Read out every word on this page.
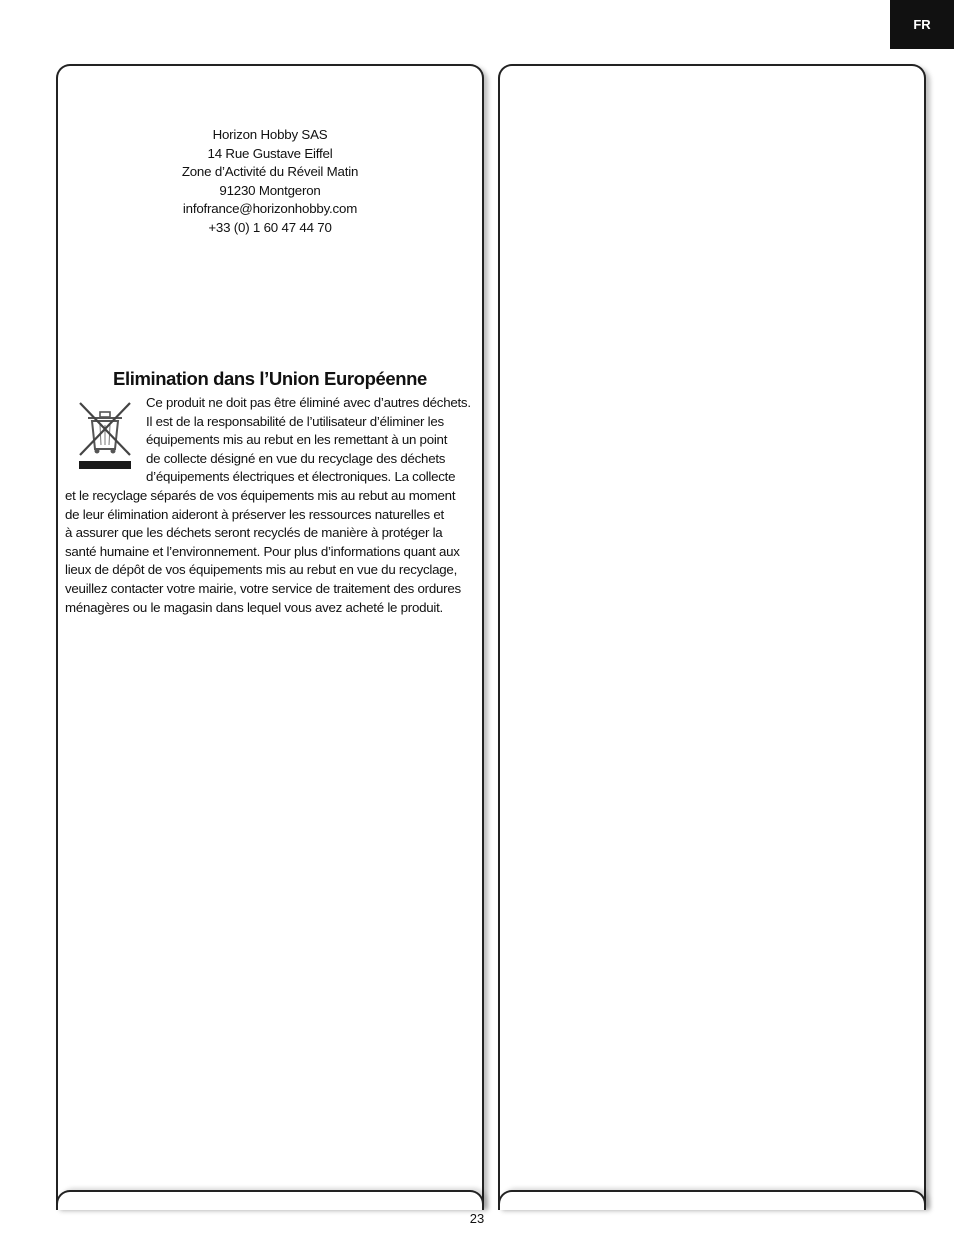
FR
Horizon Hobby SAS
14 Rue Gustave Eiffel
Zone d’Activité du Réveil Matin
91230 Montgeron
infofrance@horizonhobby.com
+33 (0) 1 60 47 44 70
Elimination dans l’Union Européenne
Ce produit ne doit pas être éliminé avec d’autres déchets.
Il est de la responsabilité de l’utilisateur d’éliminer les
équipements mis au rebut en les remettant à un point
de collecte désigné en vue du recyclage des déchets
d’équipements électriques et électroniques. La collecte
et le recyclage séparés de vos équipements mis au rebut au moment
de leur élimination aideront à préserver les ressources naturelles et
à assurer que les déchets seront recyclés de manière à protéger la
santé humaine et l’environnement. Pour plus d’informations quant aux
lieux de dépôt de vos équipements mis au rebut en vue du recyclage,
veuillez contacter votre mairie, votre service de traitement des ordures
ménagères ou le magasin dans lequel vous avez acheté le produit.
23
